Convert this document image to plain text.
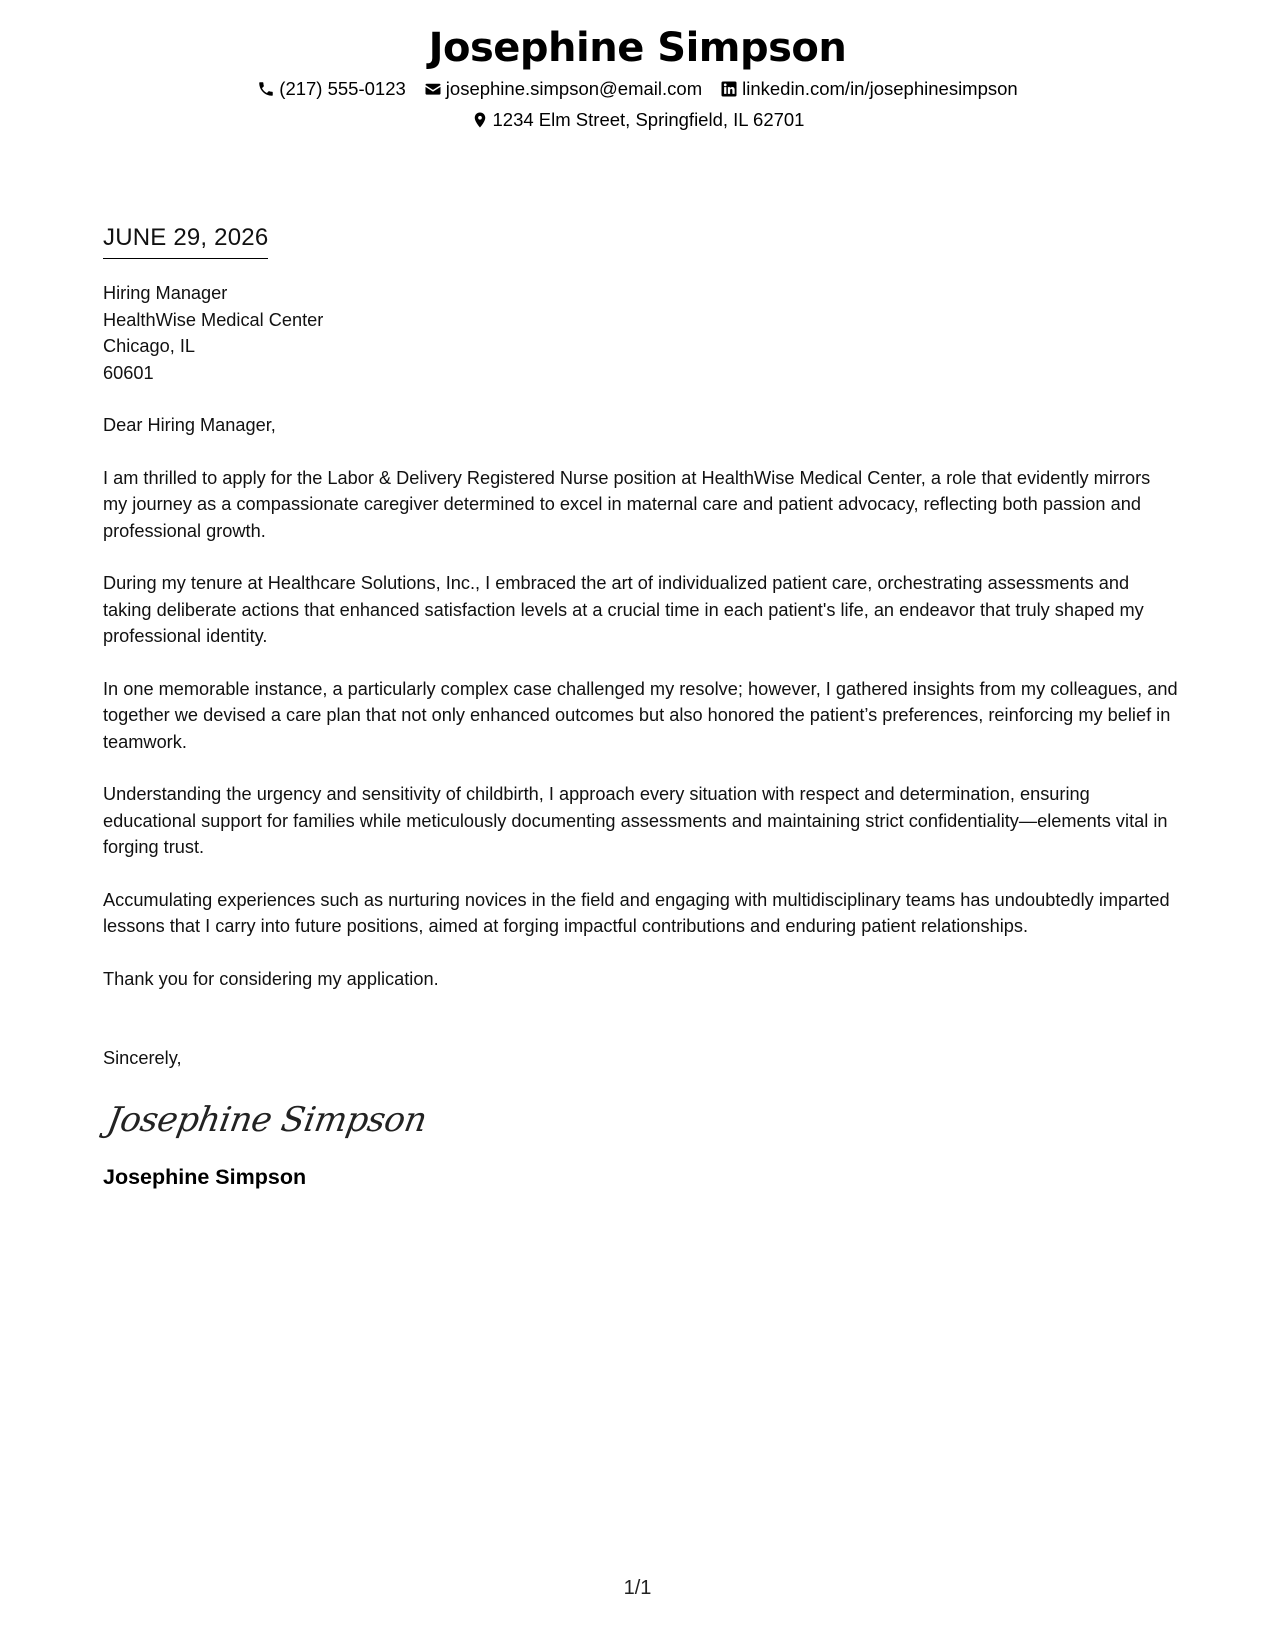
Josephine Simpson
(217) 555-0123 josephine.simpson@email.com linkedin.com/in/josephinesimpson
1234 Elm Street, Springfield, IL 62701
JUNE 29, 2026
Hiring Manager
HealthWise Medical Center
Chicago, IL
60601

Dear Hiring Manager,

I am thrilled to apply for the Labor & Delivery Registered Nurse position at HealthWise Medical Center, a role that evidently mirrors my journey as a compassionate caregiver determined to excel in maternal care and patient advocacy, reflecting both passion and professional growth.

During my tenure at Healthcare Solutions, Inc., I embraced the art of individualized patient care, orchestrating assessments and taking deliberate actions that enhanced satisfaction levels at a crucial time in each patient's life, an endeavor that truly shaped my professional identity.

In one memorable instance, a particularly complex case challenged my resolve; however, I gathered insights from my colleagues, and together we devised a care plan that not only enhanced outcomes but also honored the patient’s preferences, reinforcing my belief in teamwork.

Understanding the urgency and sensitivity of childbirth, I approach every situation with respect and determination, ensuring educational support for families while meticulously documenting assessments and maintaining strict confidentiality—elements vital in forging trust.

Accumulating experiences such as nurturing novices in the field and engaging with multidisciplinary teams has undoubtedly imparted lessons that I carry into future positions, aimed at forging impactful contributions and enduring patient relationships.

Thank you for considering my application.

Sincerely,
Josephine Simpson
Josephine Simpson
1/1
